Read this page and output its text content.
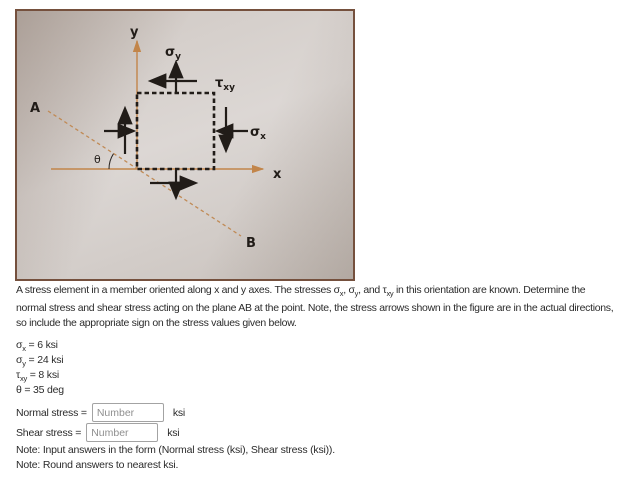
y
x
A
B
θ
$\sigma_y$
$\tau_{xy}$
$\sigma_x$

A stress element in a member oriented along x and y axes. The stresses $\sigma_x$, $\sigma_y$, and $\tau_{xy}$ in this orientation are known. Determine the normal stress and shear stress acting on the plane AB at the point. Note, the stress arrows shown in the figure are in the actual directions, so include the appropriate sign on the stress values given below.

$\sigma_x = 6$ ksi
$\sigma_y = 24$ ksi
$\tau_{xy} = 8$ ksi
θ = 35 deg
Normal stress =
Number	ksi
Shear stress =
Number	ksi
Note: Input answers in the form (Normal stress (ksi), Shear stress (ksi)).
Note: Round answers to nearest ksi.
